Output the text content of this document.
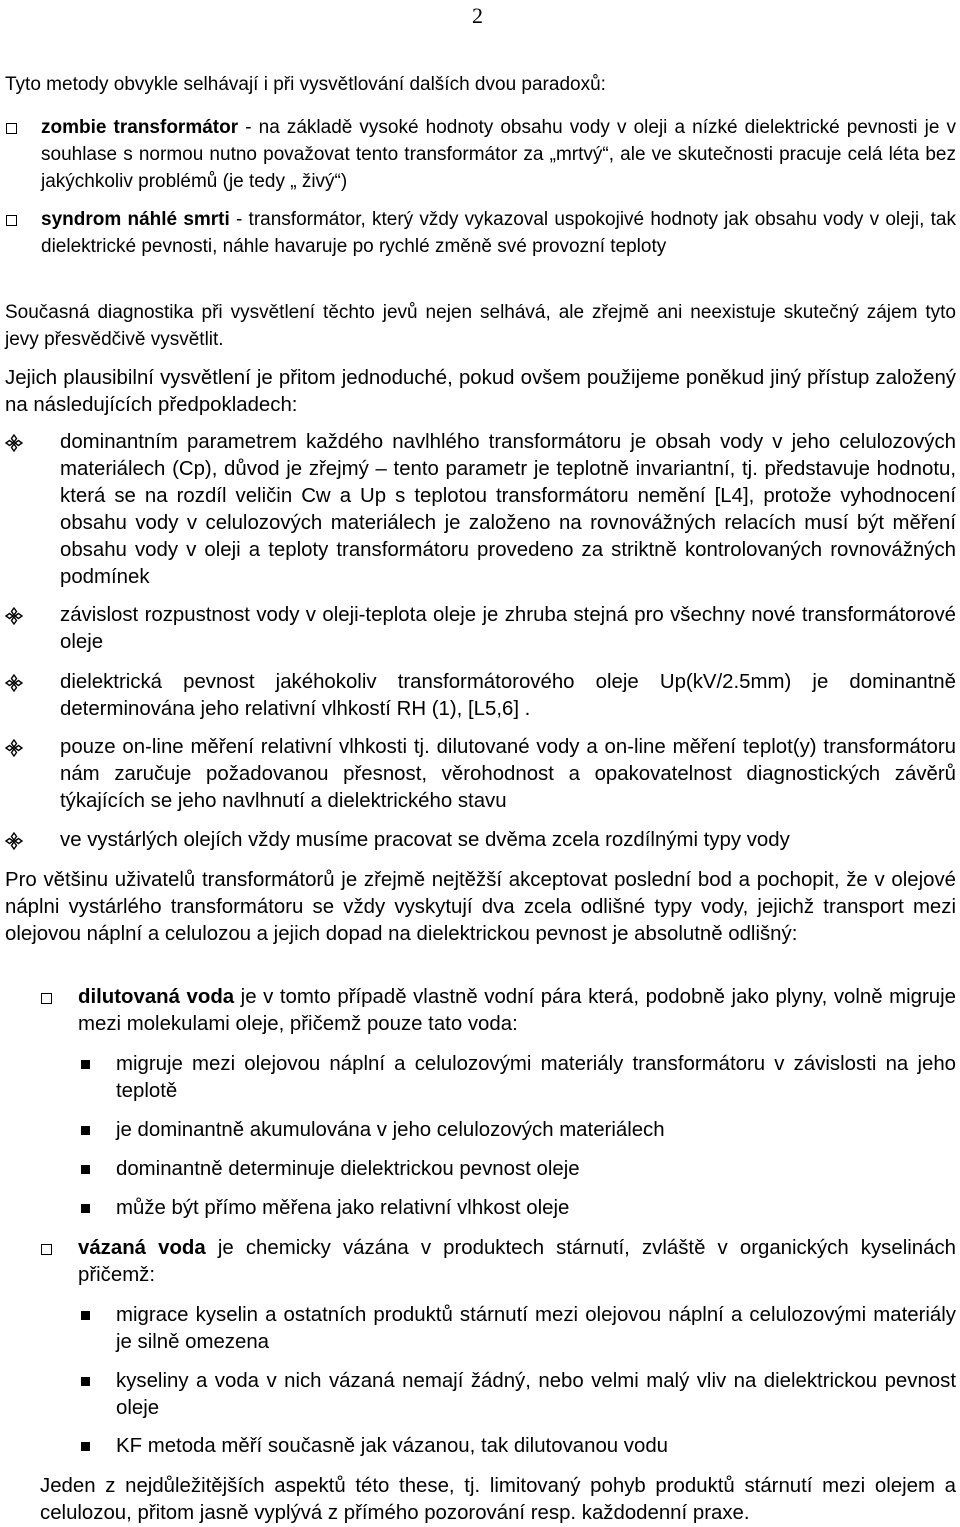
2
Tyto metody obvykle selhávají i při vysvětlování dalších dvou paradoxů:
zombie transformátor - na základě vysoké hodnoty obsahu vody v oleji a nízké dielektrické pevnosti je v souhlase s normou nutno považovat tento transformátor za „mrtvý“, ale ve skutečnosti pracuje celá léta bez jakýchkoliv problémů (je tedy „ živý“)
syndrom náhlé smrti - transformátor, který vždy vykazoval uspokojivé hodnoty jak obsahu vody v oleji, tak dielektrické pevnosti, náhle havaruje po rychlé změně své provozní teploty
Současná diagnostika při vysvětlení těchto jevů nejen selhává, ale zřejmě ani neexistuje skutečný zájem tyto jevy přesvědčivě vysvětlit.
Jejich plausibilní vysvětlení je přitom jednoduché, pokud ovšem použijeme poněkud jiný přístup založený na následujících předpokladech:
dominantním parametrem každého navlhlého transformátoru je obsah vody v jeho celulozových materiálech (Cp), důvod je zřejmý – tento parametr je teplotně invariantní, tj. představuje hodnotu, která se na rozdíl veličin Cw a Up s teplotou transformátoru nemění [L4], protože vyhodnocení obsahu vody v celulozových materiálech je založeno na rovnovážných relacích musí být měření obsahu vody v oleji a teploty transformátoru provedeno za striktně kontrolovaných rovnovážných podmínek
závislost rozpustnost vody v oleji-teplota oleje je zhruba stejná pro všechny nové transformátorové oleje
dielektrická pevnost jakéhokoliv transformátorového oleje Up(kV/2.5mm) je dominantně determinována jeho relativní vlhkostí RH (1), [L5,6] .
pouze on-line měření relativní vlhkosti tj. dilutované vody a on-line měření teplot(y) transformátoru nám zaručuje požadovanou přesnost, věrohodnost a opakovatelnost diagnostických závěrů týkajících se jeho navlhnutí a dielektrického stavu
ve vystárlých olejích vždy musíme pracovat se dvěma zcela rozdílnými typy vody
Pro většinu uživatelů transformátorů je zřejmě nejtěžší akceptovat poslední bod a pochopit, že v olejové náplni vystárlého transformátoru se vždy vyskytují dva zcela odlišné typy vody, jejichž transport mezi olejovou náplní a celulozou a jejich dopad na dielektrickou pevnost je absolutně odlišný:
dilutovaná voda je v tomto případě vlastně vodní pára která, podobně jako plyny, volně migruje mezi molekulami oleje, přičemž pouze tato voda:
migruje mezi olejovou náplní a celulozovými materiály transformátoru v závislosti na jeho teplotě
je dominantně akumulována v jeho celulozových materiálech
dominantně determinuje dielektrickou pevnost oleje
může být přímo měřena jako relativní vlhkost oleje
vázaná voda je chemicky vázána v produktech stárnutí, zvláště v organických kyselinách přičemž:
migrace kyselin a ostatních produktů stárnutí mezi olejovou náplní a celulozovými materiály je silně omezena
kyseliny a voda v nich vázaná nemají žádný, nebo velmi malý vliv na dielektrickou pevnost oleje
KF metoda měří současně jak vázanou, tak dilutovanou vodu
Jeden z nejdůležitějších aspektů této these, tj. limitovaný pohyb produktů stárnutí mezi olejem a celulozou, přitom jasně vyplývá z přímého pozorování resp. každodenní praxe.
